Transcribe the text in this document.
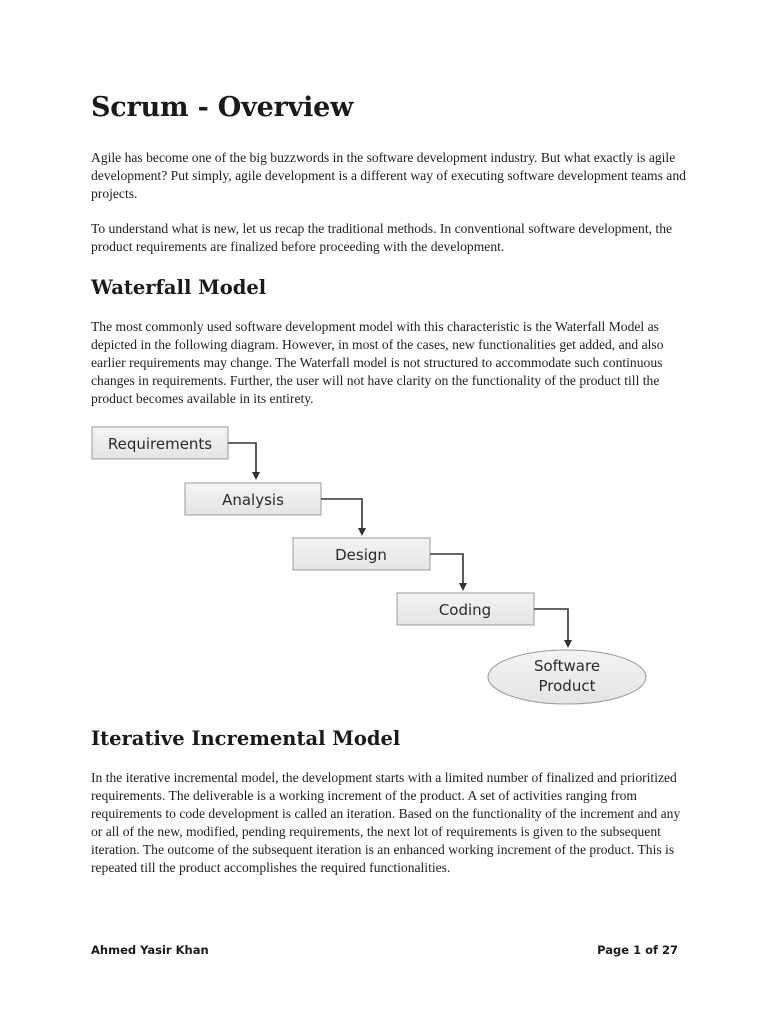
Scrum - Overview

Agile has become one of the big buzzwords in the software development industry. But what exactly is agile development? Put simply, agile development is a different way of executing software development teams and projects.

To understand what is new, let us recap the traditional methods. In conventional software development, the product requirements are finalized before proceeding with the development.

Waterfall Model

The most commonly used software development model with this characteristic is the Waterfall Model as depicted in the following diagram. However, in most of the cases, new functionalities get added, and also earlier requirements may change. The Waterfall model is not structured to accommodate such continuous changes in requirements. Further, the user will not have clarity on the functionality of the product till the product becomes available in its entirety.

Requirements
Analysis
Design
Coding
Software
Product
Iterative Incremental Model

In the iterative incremental model, the development starts with a limited number of finalized and prioritized requirements. The deliverable is a working increment of the product. A set of activities ranging from requirements to code development is called an iteration. Based on the functionality of the increment and any or all of the new, modified, pending requirements, the next lot of requirements is given to the subsequent iteration. The outcome of the subsequent iteration is an enhanced working increment of the product. This is repeated till the product accomplishes the required functionalities.

Ahmed Yasir Khan	Page 1 of 27
